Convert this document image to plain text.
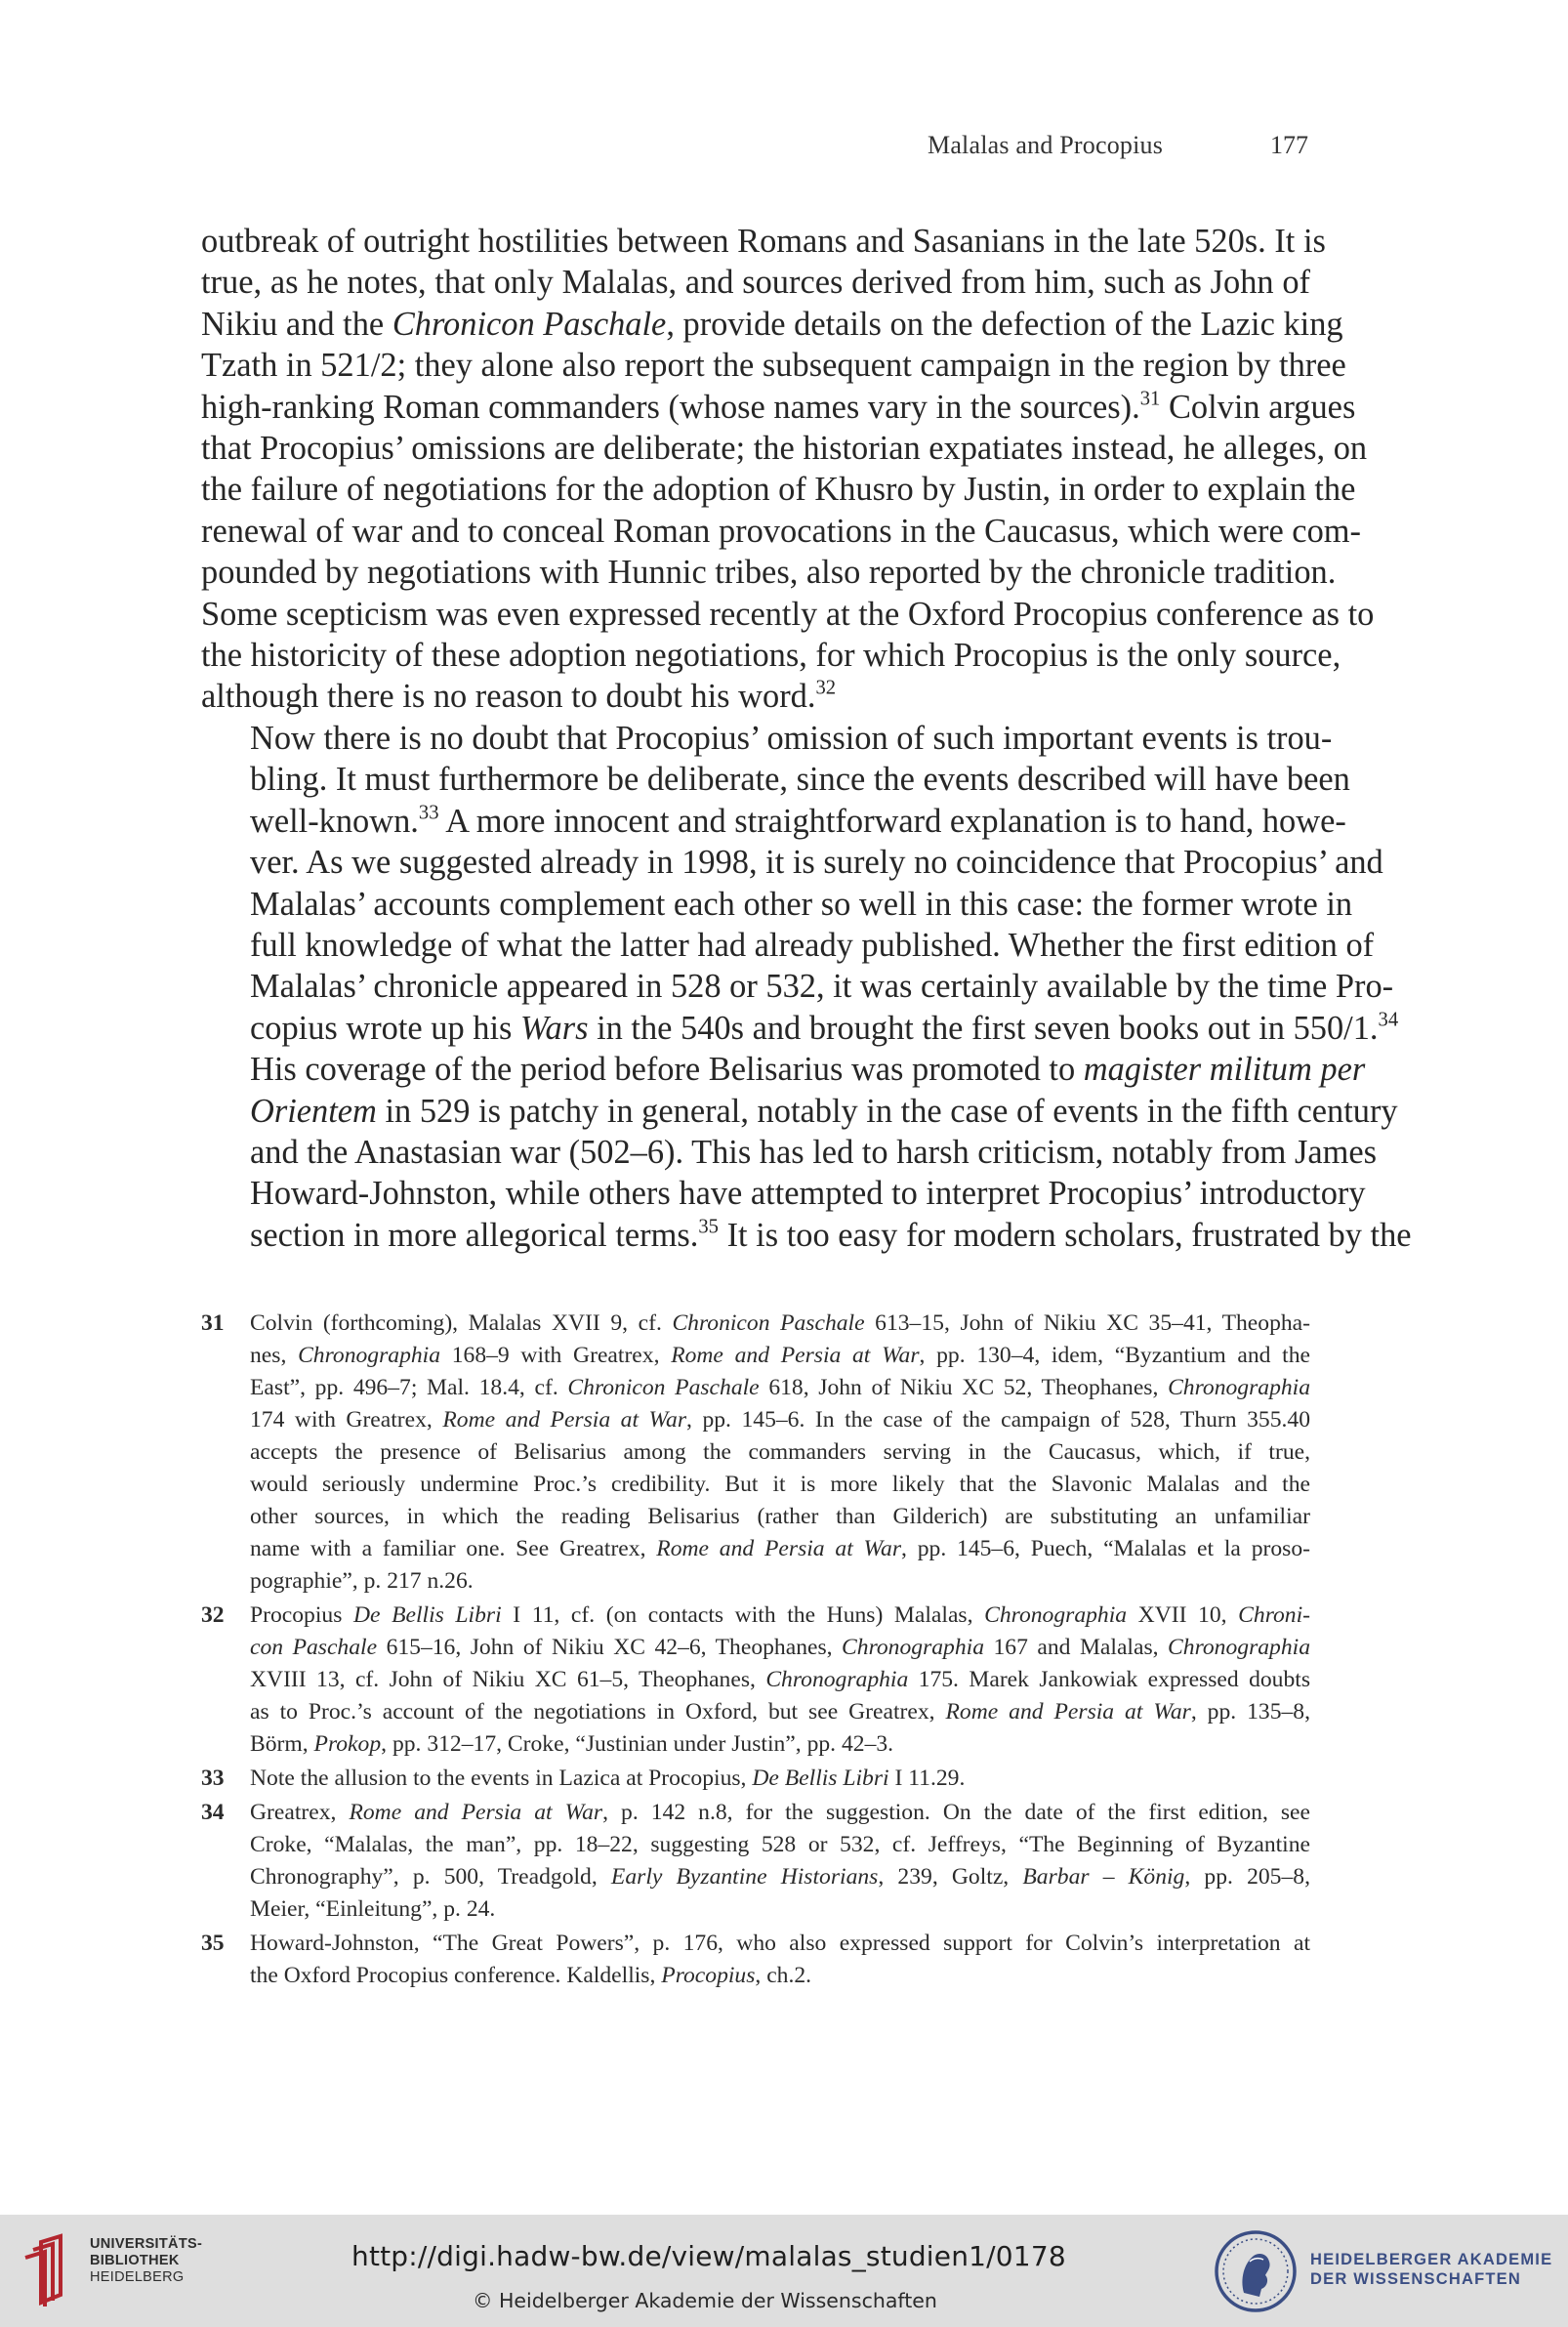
Malalas and Procopius	177

outbreak of outright hostilities between Romans and Sasanians in the late 520s. It is
true, as he notes, that only Malalas, and sources derived from him, such as John of
Nikiu and the Chronicon Paschale, provide details on the defection of the Lazic king
Tzath in 521/2; they alone also report the subsequent campaign in the region by three
high-ranking Roman commanders (whose names vary in the sources).$^{31}$ Colvin argues
that Procopius’ omissions are deliberate; the historian expatiates instead, he alleges, on
the failure of negotiations for the adoption of Khusro by Justin, in order to explain the
renewal of war and to conceal Roman provocations in the Caucasus, which were com-
pounded by negotiations with Hunnic tribes, also reported by the chronicle tradition.
Some scepticism was even expressed recently at the Oxford Procopius conference as to
the historicity of these adoption negotiations, for which Procopius is the only source,
although there is no reason to doubt his word.$^{32}$

Now there is no doubt that Procopius’ omission of such important events is trou-
bling. It must furthermore be deliberate, since the events described will have been
well-known.$^{33}$ A more innocent and straightforward explanation is to hand, howe-
ver. As we suggested already in 1998, it is surely no coincidence that Procopius’ and
Malalas’ accounts complement each other so well in this case: the former wrote in
full knowledge of what the latter had already published. Whether the first edition of
Malalas’ chronicle appeared in 528 or 532, it was certainly available by the time Pro-
copius wrote up his Wars in the 540s and brought the first seven books out in 550/1.34
His coverage of the period before Belisarius was promoted to magister militum per
Orientem in 529 is patchy in general, notably in the case of events in the fifth century
and the Anastasian war (502–6). This has led to harsh criticism, notably from James
Howard-Johnston, while others have attempted to interpret Procopius’ introductory
section in more allegorical terms.$^{35}$ It is too easy for modern scholars, frustrated by the

31 Colvin (forthcoming), Malalas XVII 9, cf. Chronicon Paschale 613–15, John of Nikiu XC 35–41, Theopha-
nes, Chronographia 168–9 with Greatrex, Rome and Persia at War, pp. 130–4, idem, “Byzantium and the
East”, pp. 496–7; Mal. 18.4, cf. Chronicon Paschale 618, John of Nikiu XC 52, Theophanes, Chronographia
174 with Greatrex, Rome and Persia at War, pp. 145–6. In the case of the campaign of 528, Thurn 355.40
accepts the presence of Belisarius among the commanders serving in the Caucasus, which, if true,
would seriously undermine Proc.’s credibility. But it is more likely that the Slavonic Malalas and the
other sources, in which the reading Belisarius (rather than Gilderich) are substituting an unfamiliar
name with a familiar one. See Greatrex, Rome and Persia at War, pp. 145–6, Puech, “Malalas et la proso-
pographie”, p. 217 n.26.
32 Procopius De Bellis Libri I 11, cf. (on contacts with the Huns) Malalas, Chronographia XVII 10, Chroni-
con Paschale 615–16, John of Nikiu XC 42–6, Theophanes, Chronographia 167 and Malalas, Chronographia
XVIII 13, cf. John of Nikiu XC 61–5, Theophanes, Chronographia 175. Marek Jankowiak expressed doubts
as to Proc.’s account of the negotiations in Oxford, but see Greatrex, Rome and Persia at War, pp. 135–8,
Börm, Prokop, pp. 312–17, Croke, “Justinian under Justin”, pp. 42–3.
33 Note the allusion to the events in Lazica at Procopius, De Bellis Libri I 11.29.
34 Greatrex, Rome and Persia at War, p. 142 n.8, for the suggestion. On the date of the first edition, see
Croke, “Malalas, the man”, pp. 18–22, suggesting 528 or 532, cf. Jeffreys, “The Beginning of Byzantine
Chronography”, p. 500, Treadgold, Early Byzantine Historians, 239, Goltz, Barbar – König, pp. 205–8,
Meier, “Einleitung”, p. 24.
35 Howard-Johnston, “The Great Powers”, p. 176, who also expressed support for Colvin’s interpretation at
the Oxford Procopius conference. Kaldellis, Procopius, ch.2.
UNIVERSITÄTS-
BIBLIOTHEK
HEIDELBERG
http://digi.hadw-bw.de/view/malalas_studien1/0178
© Heidelberger Akademie der Wissenschaften
HEIDELBERGER AKADEMIE
DER WISSENSCHAFTEN
